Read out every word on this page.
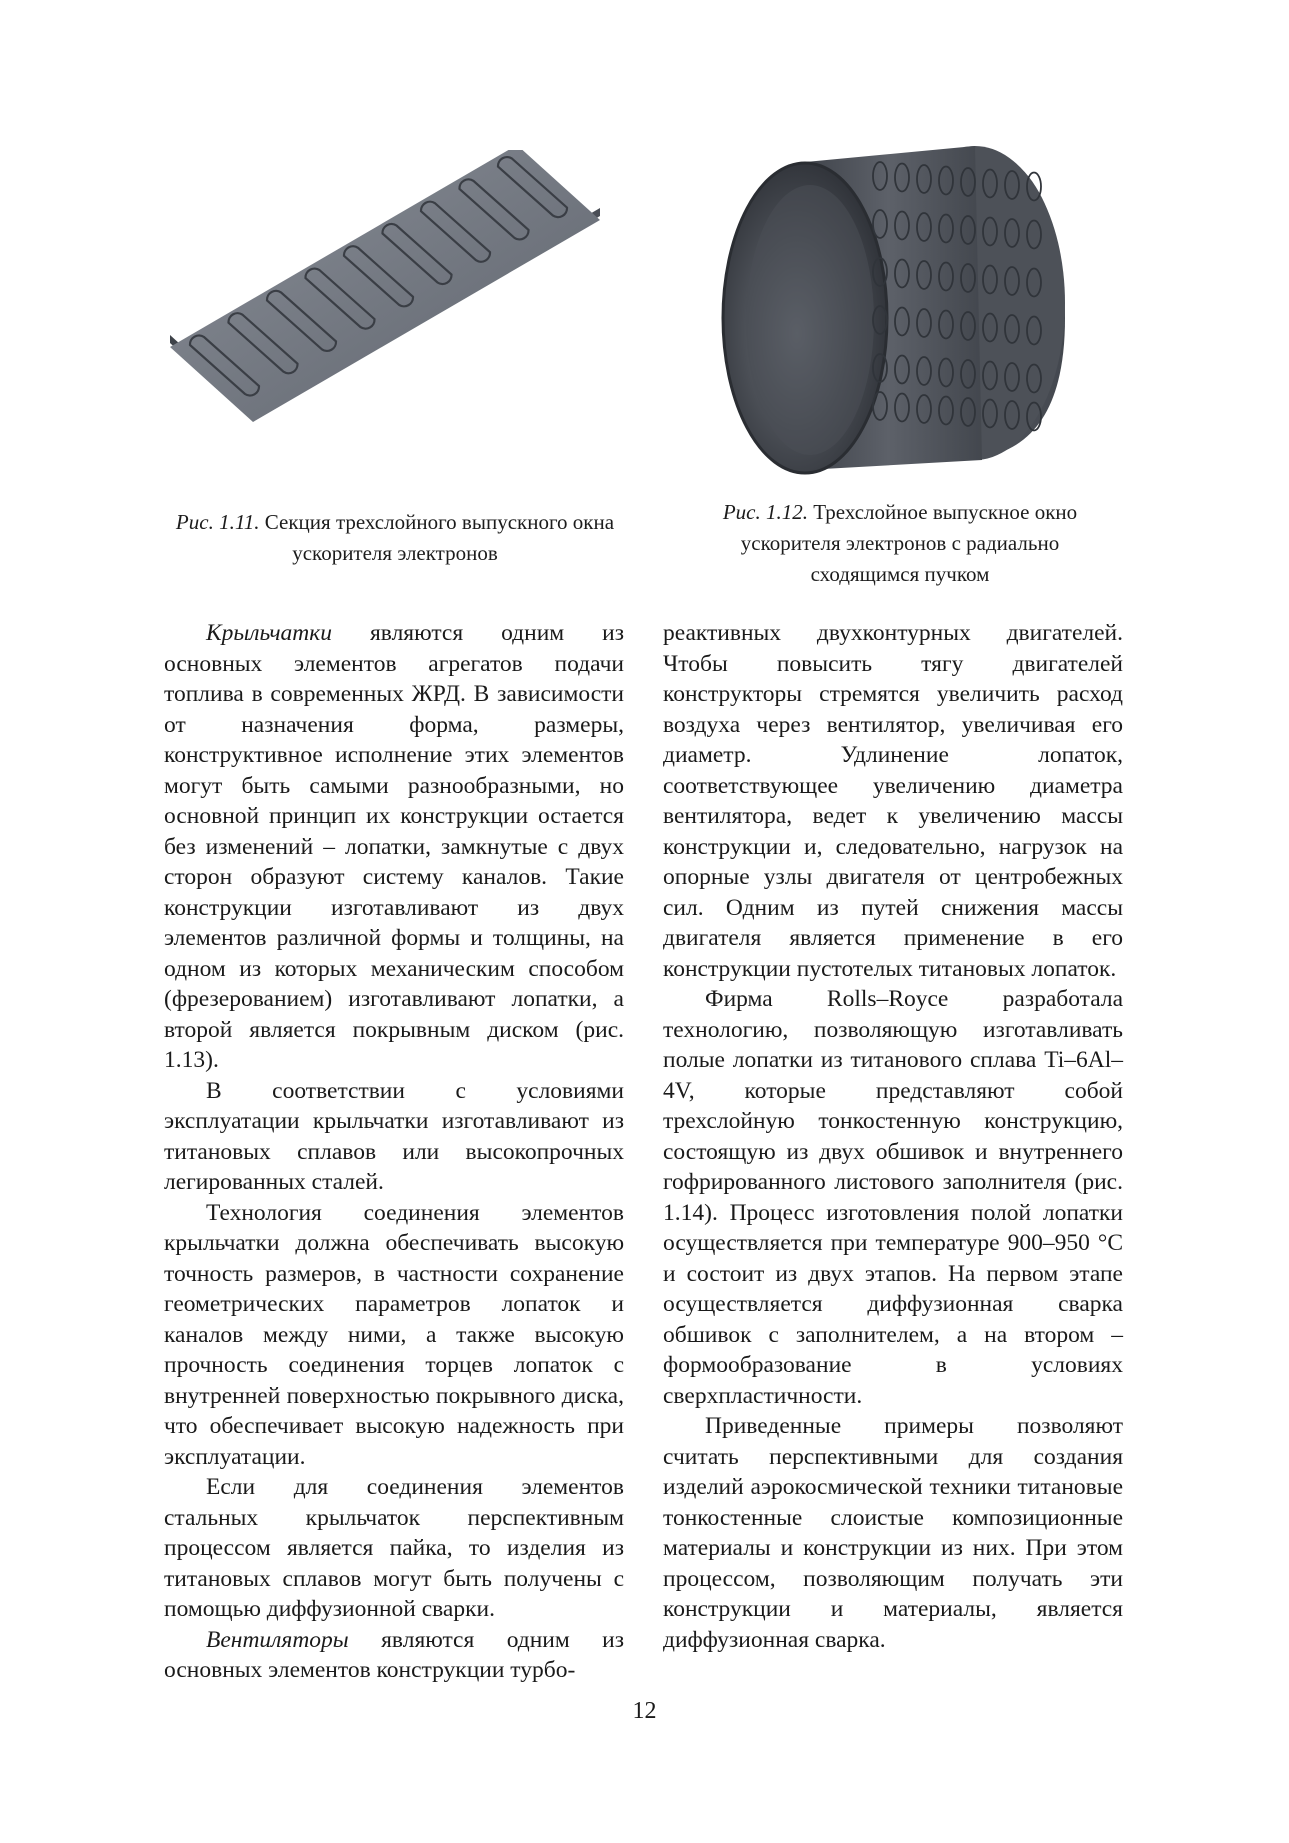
Рис. 1.11. Секция трехслойного выпускного окна ускорителя электронов
Рис. 1.12. Трехслойное выпускное окно ускорителя электронов с радиально сходящимся пучком

Крыльчатки являются одним из основных элементов агрегатов подачи топлива в современных ЖРД. В зависимости от назначения форма, размеры, конструктивное исполнение этих элементов могут быть самыми разнообразными, но основной принцип их конструкции остается без изменений – лопатки, замкнутые с двух сторон образуют систему каналов. Такие конструкции изготавливают из двух элементов различной формы и толщины, на одном из которых механическим способом (фрезерованием) изготавливают лопатки, а второй является покрывным диском (рис. 1.13).

В соответствии с условиями эксплуатации крыльчатки изготавливают из титановых сплавов или высокопрочных легированных сталей.

Технология соединения элементов крыльчатки должна обеспечивать высокую точность размеров, в частности сохранение геометрических параметров лопаток и каналов между ними, а также высокую прочность соединения торцев лопаток с внутренней поверхностью покрывного диска, что обеспечивает высокую надежность при эксплуатации.

Если для соединения элементов стальных крыльчаток перспективным процессом является пайка, то изделия из титановых сплавов могут быть получены с помощью диффузионной сварки.

Вентиляторы являются одним из основных элементов конструкции турбо-

реактивных двухконтурных двигателей. Чтобы повысить тягу двигателей конструкторы стремятся увеличить расход воздуха через вентилятор, увеличивая его диаметр. Удлинение лопаток, соответствующее увеличению диаметра вентилятора, ведет к увеличению массы конструкции и, следовательно, нагрузок на опорные узлы двигателя от центробежных сил. Одним из путей снижения массы двигателя является применение в его конструкции пустотелых титановых лопаток.

Фирма Rolls–Royce разработала технологию, позволяющую изготавливать полые лопатки из титанового сплава Ti–6Al–4V, которые представляют собой трехслойную тонкостенную конструкцию, состоящую из двух обшивок и внутреннего гофрированного листового заполнителя (рис. 1.14). Процесс изготовления полой лопатки осуществляется при температуре 900–950 °С и состоит из двух этапов. На первом этапе осуществляется диффузионная сварка обшивок с заполнителем, а на втором – формообразование в условиях сверхпластичности.

Приведенные примеры позволяют считать перспективными для создания изделий аэрокосмической техники титановые тонкостенные слоистые композиционные материалы и конструкции из них. При этом процессом, позволяющим получать эти конструкции и материалы, является диффузионная сварка.

12
